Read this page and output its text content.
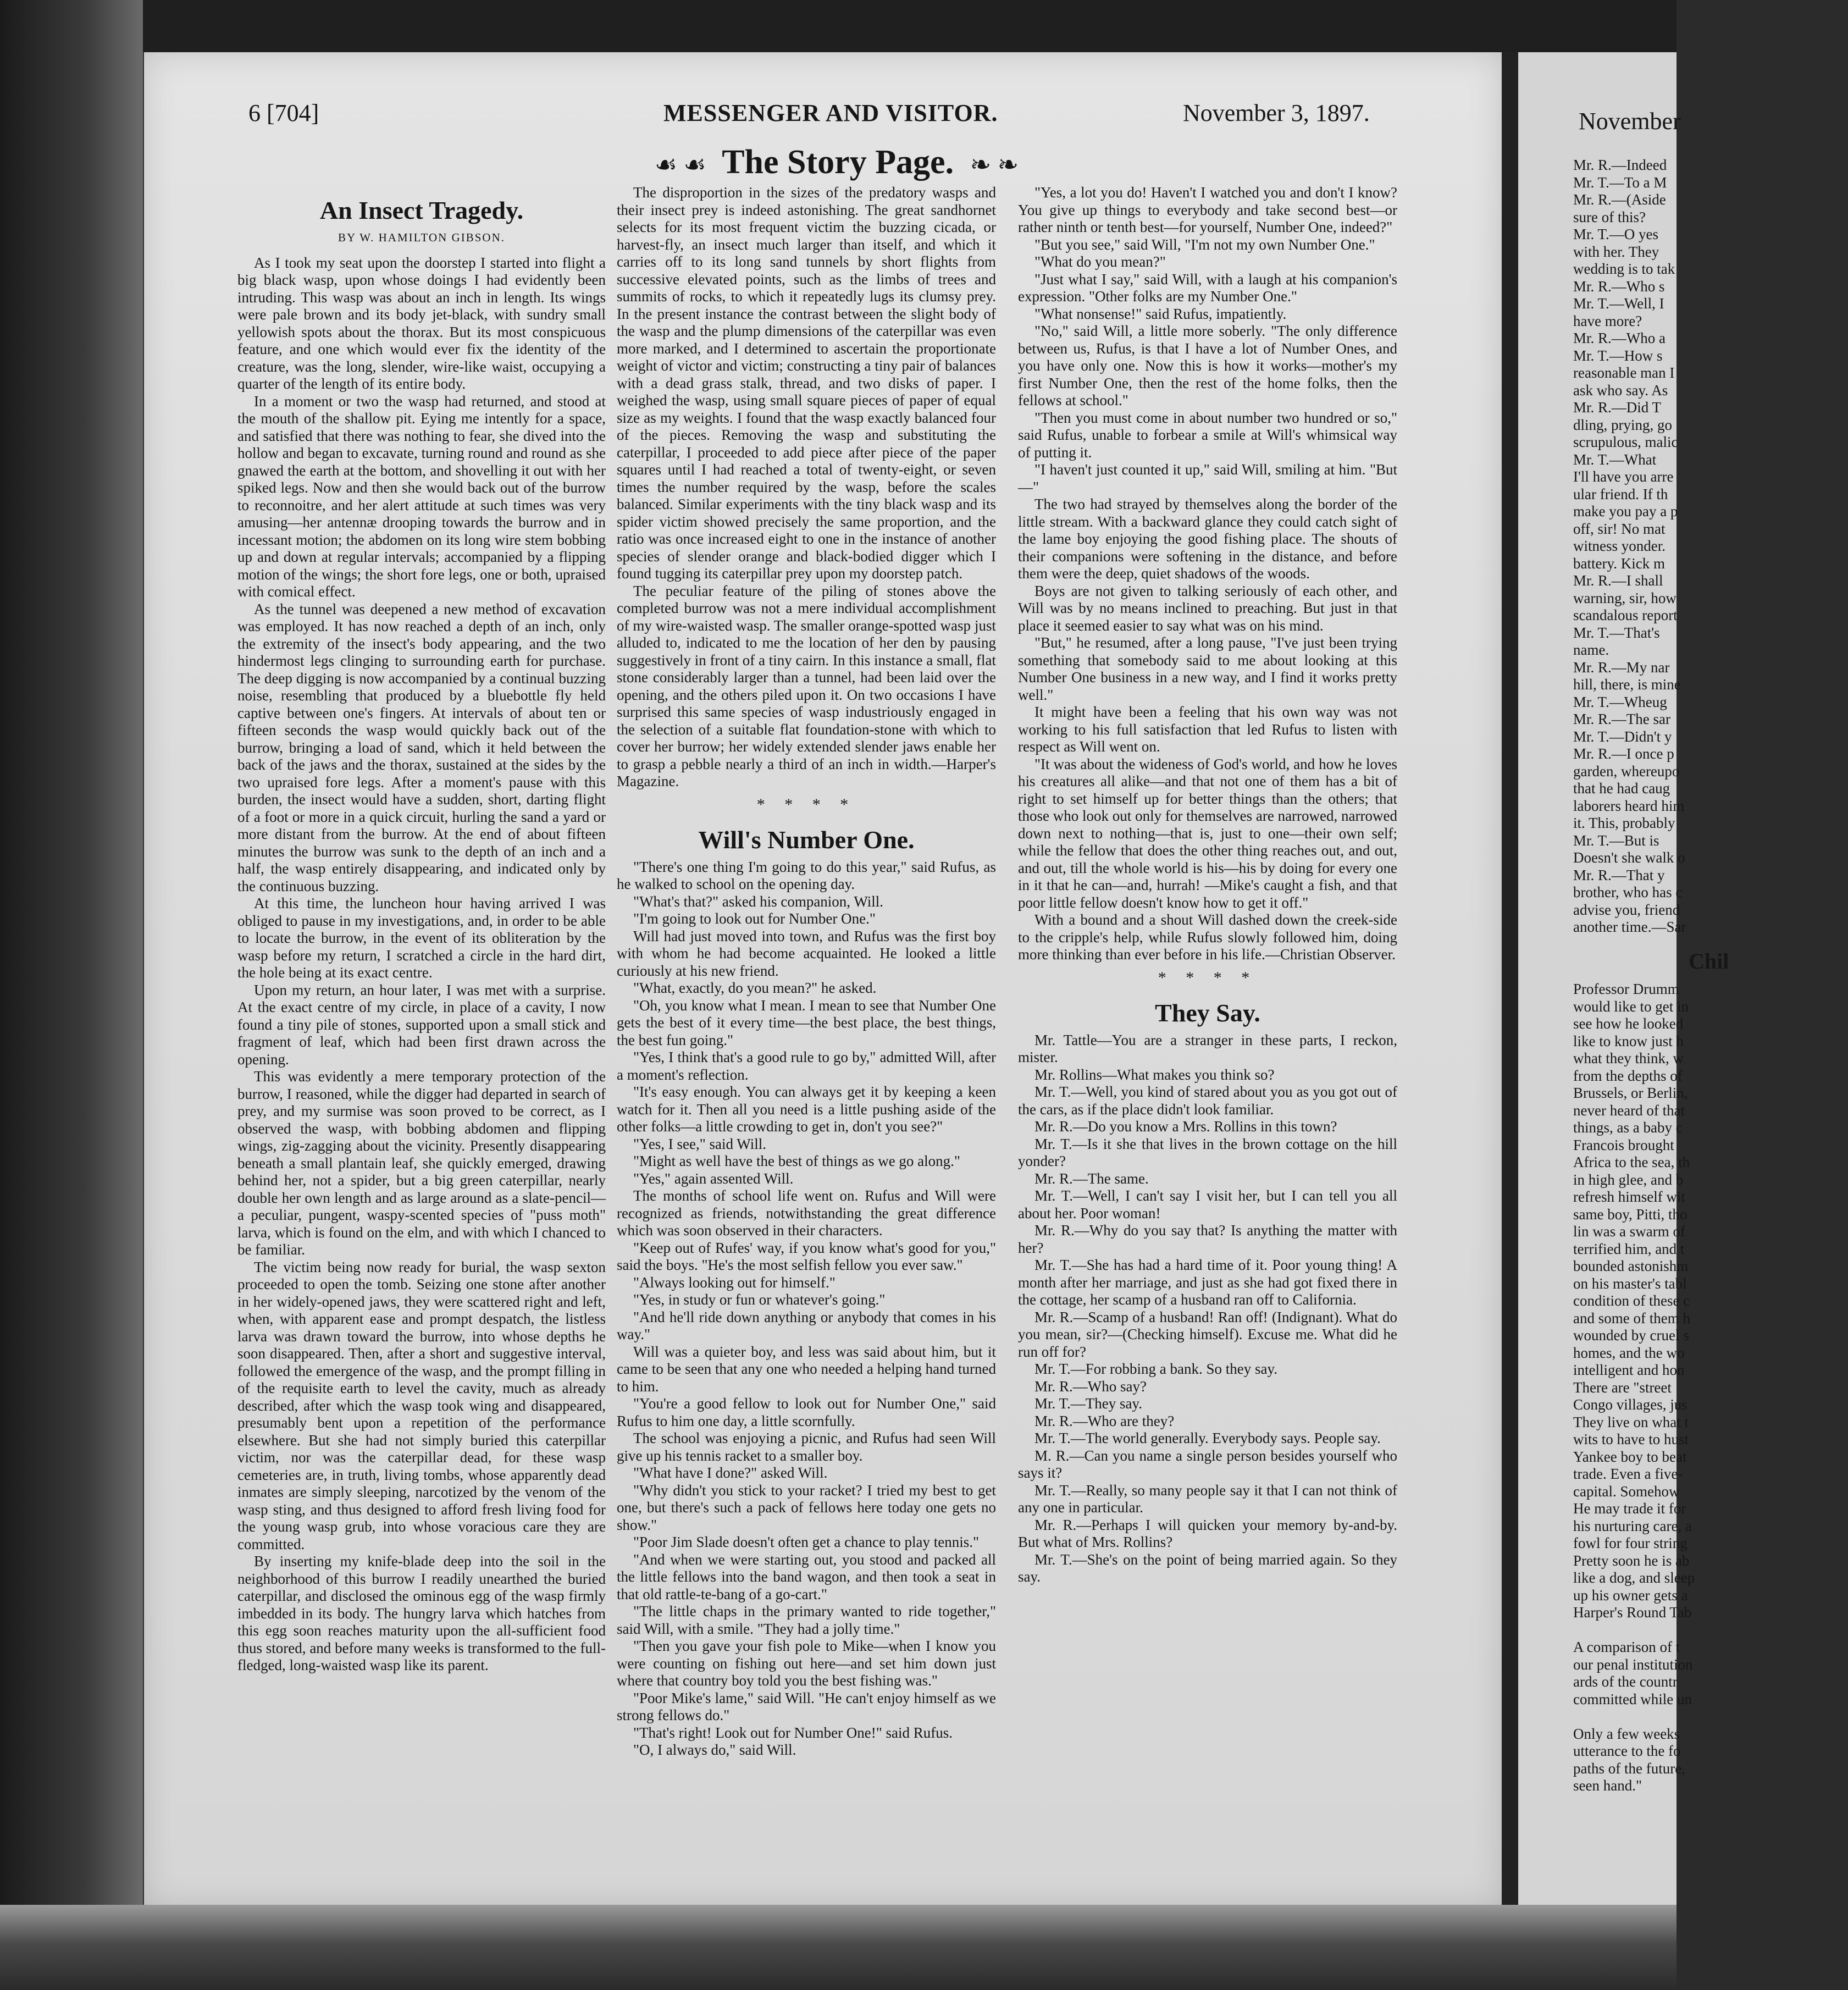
6 [704]	MESSENGER AND VISITOR.	November 3, 1897.
☙ ☙ The Story Page. ❧ ❧
An Insect Tragedy.

BY W. HAMILTON GIBSON.

As I took my seat upon the doorstep I started into flight a big black wasp, upon whose doings I had evidently been intruding. This wasp was about an inch in length. Its wings were pale brown and its body jet-black, with sundry small yellowish spots about the thorax. But its most conspicuous feature, and one which would ever fix the identity of the creature, was the long, slender, wire-like waist, occupying a quarter of the length of its entire body.

In a moment or two the wasp had returned, and stood at the mouth of the shallow pit. Eying me intently for a space, and satisfied that there was nothing to fear, she dived into the hollow and began to excavate, turning round and round as she gnawed the earth at the bottom, and shovelling it out with her spiked legs. Now and then she would back out of the burrow to reconnoitre, and her alert attitude at such times was very amusing—her antennæ drooping towards the burrow and in incessant motion; the abdomen on its long wire stem bobbing up and down at regular intervals; accompanied by a flipping motion of the wings; the short fore legs, one or both, upraised with comical effect.

As the tunnel was deepened a new method of excavation was employed. It has now reached a depth of an inch, only the extremity of the insect's body appearing, and the two hindermost legs clinging to surrounding earth for purchase. The deep digging is now accompanied by a continual buzzing noise, resembling that produced by a bluebottle fly held captive between one's fingers. At intervals of about ten or fifteen seconds the wasp would quickly back out of the burrow, bringing a load of sand, which it held between the back of the jaws and the thorax, sustained at the sides by the two upraised fore legs. After a moment's pause with this burden, the insect would have a sudden, short, darting flight of a foot or more in a quick circuit, hurling the sand a yard or more distant from the burrow. At the end of about fifteen minutes the burrow was sunk to the depth of an inch and a half, the wasp entirely disappearing, and indicated only by the continuous buzzing.

At this time, the luncheon hour having arrived I was obliged to pause in my investigations, and, in order to be able to locate the burrow, in the event of its obliteration by the wasp before my return, I scratched a circle in the hard dirt, the hole being at its exact centre.

Upon my return, an hour later, I was met with a surprise. At the exact centre of my circle, in place of a cavity, I now found a tiny pile of stones, supported upon a small stick and fragment of leaf, which had been first drawn across the opening.

This was evidently a mere temporary protection of the burrow, I reasoned, while the digger had departed in search of prey, and my surmise was soon proved to be correct, as I observed the wasp, with bobbing abdomen and flipping wings, zig-zagging about the vicinity. Presently disappearing beneath a small plantain leaf, she quickly emerged, drawing behind her, not a spider, but a big green caterpillar, nearly double her own length and as large around as a slate-pencil—a peculiar, pungent, waspy-scented species of "puss moth" larva, which is found on the elm, and with which I chanced to be familiar.

The victim being now ready for burial, the wasp sexton proceeded to open the tomb. Seizing one stone after another in her widely-opened jaws, they were scattered right and left, when, with apparent ease and prompt despatch, the listless larva was drawn toward the burrow, into whose depths he soon disappeared. Then, after a short and suggestive interval, followed the emergence of the wasp, and the prompt filling in of the requisite earth to level the cavity, much as already described, after which the wasp took wing and disappeared, presumably bent upon a repetition of the performance elsewhere. But she had not simply buried this caterpillar victim, nor was the caterpillar dead, for these wasp cemeteries are, in truth, living tombs, whose apparently dead inmates are simply sleeping, narcotized by the venom of the wasp sting, and thus designed to afford fresh living food for the young wasp grub, into whose voracious care they are committed.

By inserting my knife-blade deep into the soil in the neighborhood of this burrow I readily unearthed the buried caterpillar, and disclosed the ominous egg of the wasp firmly imbedded in its body. The hungry larva which hatches from this egg soon reaches maturity upon the all-sufficient food thus stored, and before many weeks is transformed to the full-fledged, long-waisted wasp like its parent.

The disproportion in the sizes of the predatory wasps and their insect prey is indeed astonishing. The great sandhornet selects for its most frequent victim the buzzing cicada, or harvest-fly, an insect much larger than itself, and which it carries off to its long sand tunnels by short flights from successive elevated points, such as the limbs of trees and summits of rocks, to which it repeatedly lugs its clumsy prey. In the present instance the contrast between the slight body of the wasp and the plump dimensions of the caterpillar was even more marked, and I determined to ascertain the proportionate weight of victor and victim; constructing a tiny pair of balances with a dead grass stalk, thread, and two disks of paper. I weighed the wasp, using small square pieces of paper of equal size as my weights. I found that the wasp exactly balanced four of the pieces. Removing the wasp and substituting the caterpillar, I proceeded to add piece after piece of the paper squares until I had reached a total of twenty-eight, or seven times the number required by the wasp, before the scales balanced. Similar experiments with the tiny black wasp and its spider victim showed precisely the same proportion, and the ratio was once increased eight to one in the instance of another species of slender orange and black-bodied digger which I found tugging its caterpillar prey upon my doorstep patch.

The peculiar feature of the piling of stones above the completed burrow was not a mere individual accomplishment of my wire-waisted wasp. The smaller orange-spotted wasp just alluded to, indicated to me the location of her den by pausing suggestively in front of a tiny cairn. In this instance a small, flat stone considerably larger than a tunnel, had been laid over the opening, and the others piled upon it. On two occasions I have surprised this same species of wasp industriously engaged in the selection of a suitable flat foundation-stone with which to cover her burrow; her widely extended slender jaws enable her to grasp a pebble nearly a third of an inch in width.—Harper's Magazine.

* * * *
Will's Number One.

"There's one thing I'm going to do this year," said Rufus, as he walked to school on the opening day.

"What's that?" asked his companion, Will.

"I'm going to look out for Number One."

Will had just moved into town, and Rufus was the first boy with whom he had become acquainted. He looked a little curiously at his new friend.

"What, exactly, do you mean?" he asked.

"Oh, you know what I mean. I mean to see that Number One gets the best of it every time—the best place, the best things, the best fun going."

"Yes, I think that's a good rule to go by," admitted Will, after a moment's reflection.

"It's easy enough. You can always get it by keeping a keen watch for it. Then all you need is a little pushing aside of the other folks—a little crowding to get in, don't you see?"

"Yes, I see," said Will.

"Might as well have the best of things as we go along."

"Yes," again assented Will.

The months of school life went on. Rufus and Will were recognized as friends, notwithstanding the great difference which was soon observed in their characters.

"Keep out of Rufes' way, if you know what's good for you," said the boys. "He's the most selfish fellow you ever saw."

"Always looking out for himself."

"Yes, in study or fun or whatever's going."

"And he'll ride down anything or anybody that comes in his way."

Will was a quieter boy, and less was said about him, but it came to be seen that any one who needed a helping hand turned to him.

"You're a good fellow to look out for Number One," said Rufus to him one day, a little scornfully.

The school was enjoying a picnic, and Rufus had seen Will give up his tennis racket to a smaller boy.

"What have I done?" asked Will.

"Why didn't you stick to your racket? I tried my best to get one, but there's such a pack of fellows here today one gets no show."

"Poor Jim Slade doesn't often get a chance to play tennis."

"And when we were starting out, you stood and packed all the little fellows into the band wagon, and then took a seat in that old rattle-te-bang of a go-cart."

"The little chaps in the primary wanted to ride together," said Will, with a smile. "They had a jolly time."

"Then you gave your fish pole to Mike—when I know you were counting on fishing out here—and set him down just where that country boy told you the best fishing was."

"Poor Mike's lame," said Will. "He can't enjoy himself as we strong fellows do."

"That's right! Look out for Number One!" said Rufus.

"O, I always do," said Will.

"Yes, a lot you do! Haven't I watched you and don't I know? You give up things to everybody and take second best—or rather ninth or tenth best—for yourself, Number One, indeed?"

"But you see," said Will, "I'm not my own Number One."

"What do you mean?"

"Just what I say," said Will, with a laugh at his companion's expression. "Other folks are my Number One."

"What nonsense!" said Rufus, impatiently.

"No," said Will, a little more soberly. "The only difference between us, Rufus, is that I have a lot of Number Ones, and you have only one. Now this is how it works—mother's my first Number One, then the rest of the home folks, then the fellows at school."

"Then you must come in about number two hundred or so," said Rufus, unable to forbear a smile at Will's whimsical way of putting it.

"I haven't just counted it up," said Will, smiling at him. "But—"

The two had strayed by themselves along the border of the little stream. With a backward glance they could catch sight of the lame boy enjoying the good fishing place. The shouts of their companions were softening in the distance, and before them were the deep, quiet shadows of the woods.

Boys are not given to talking seriously of each other, and Will was by no means inclined to preaching. But just in that place it seemed easier to say what was on his mind.

"But," he resumed, after a long pause, "I've just been trying something that somebody said to me about looking at this Number One business in a new way, and I find it works pretty well."

It might have been a feeling that his own way was not working to his full satisfaction that led Rufus to listen with respect as Will went on.

"It was about the wideness of God's world, and how he loves his creatures all alike—and that not one of them has a bit of right to set himself up for better things than the others; that those who look out only for themselves are narrowed, narrowed down next to nothing—that is, just to one—their own self; while the fellow that does the other thing reaches out, and out, and out, till the whole world is his—his by doing for every one in it that he can—and, hurrah! —Mike's caught a fish, and that poor little fellow doesn't know how to get it off."

With a bound and a shout Will dashed down the creek-side to the cripple's help, while Rufus slowly followed him, doing more thinking than ever before in his life.—Christian Observer.

* * * *
They Say.

Mr. Tattle—You are a stranger in these parts, I reckon, mister.

Mr. Rollins—What makes you think so?

Mr. T.—Well, you kind of stared about you as you got out of the cars, as if the place didn't look familiar.

Mr. R.—Do you know a Mrs. Rollins in this town?

Mr. T.—Is it she that lives in the brown cottage on the hill yonder?

Mr. R.—The same.

Mr. T.—Well, I can't say I visit her, but I can tell you all about her. Poor woman!

Mr. R.—Why do you say that? Is anything the matter with her?

Mr. T.—She has had a hard time of it. Poor young thing! A month after her marriage, and just as she had got fixed there in the cottage, her scamp of a husband ran off to California.

Mr. R.—Scamp of a husband! Ran off! (Indignant). What do you mean, sir?—(Checking himself). Excuse me. What did he run off for?

Mr. T.—For robbing a bank. So they say.

Mr. R.—Who say?

Mr. T.—They say.

Mr. R.—Who are they?

Mr. T.—The world generally. Everybody says. People say.

M. R.—Can you name a single person besides yourself who says it?

Mr. T.—Really, so many people say it that I can not think of any one in particular.

Mr. R.—Perhaps I will quicken your memory by-and-by. But what of Mrs. Rollins?

Mr. T.—She's on the point of being married again. So they say.

November

Mr. R.—Indeed

Mr. T.—To a M

Mr. R.—(Aside

sure of this?

Mr. T.—O yes

with her. They

wedding is to tak

Mr. R.—Who s

Mr. T.—Well, I

have more?

Mr. R.—Who a

Mr. T.—How s

reasonable man I

ask who say. As

Mr. R.—Did T

dling, prying, go

scrupulous, malic

Mr. T.—What

I'll have you arre

ular friend. If th

make you pay a p

off, sir! No mat

witness yonder.

battery. Kick m

Mr. R.—I shall

warning, sir, how

scandalous report

Mr. T.—That's

name.

Mr. R.—My nar

hill, there, is mine

Mr. T.—Wheug

Mr. R.—The sar

Mr. T.—Didn't y

Mr. R.—I once p

garden, whereupo

that he had caug

laborers heard him

it. This, probably

Mr. T.—But is

Doesn't she walk o

Mr. R.—That y

brother, who has c

advise you, friend

another time.—Sar

Chil

Professor Drumm

would like to get in

see how he looked

like to know just h

what they think, w

from the depths of

Brussels, or Berlin,

never heard of that

things, as a baby c

Francois brought

Africa to the sea, th

in high glee, and b

refresh himself wit

same boy, Pitti, tho

lin was a swarm of

terrified him, and t

bounded astonishm

on his master's tabl

condition of these c

and some of them h

wounded by cruel s

homes, and the wo

intelligent and hon

There are "street

Congo villages, jus

They live on what t

wits to have to hust

Yankee boy to beat

trade. Even a five-

capital. Somehow

He may trade it for

his nurturing care, a

fowl for four string

Pretty soon he is ab

like a dog, and sleep

up his owner gets a

Harper's Round Tab

A comparison of t

our penal institution

ards of the countr

committed while un

Only a few weeks

utterance to the fo

paths of the future,

seen hand."
